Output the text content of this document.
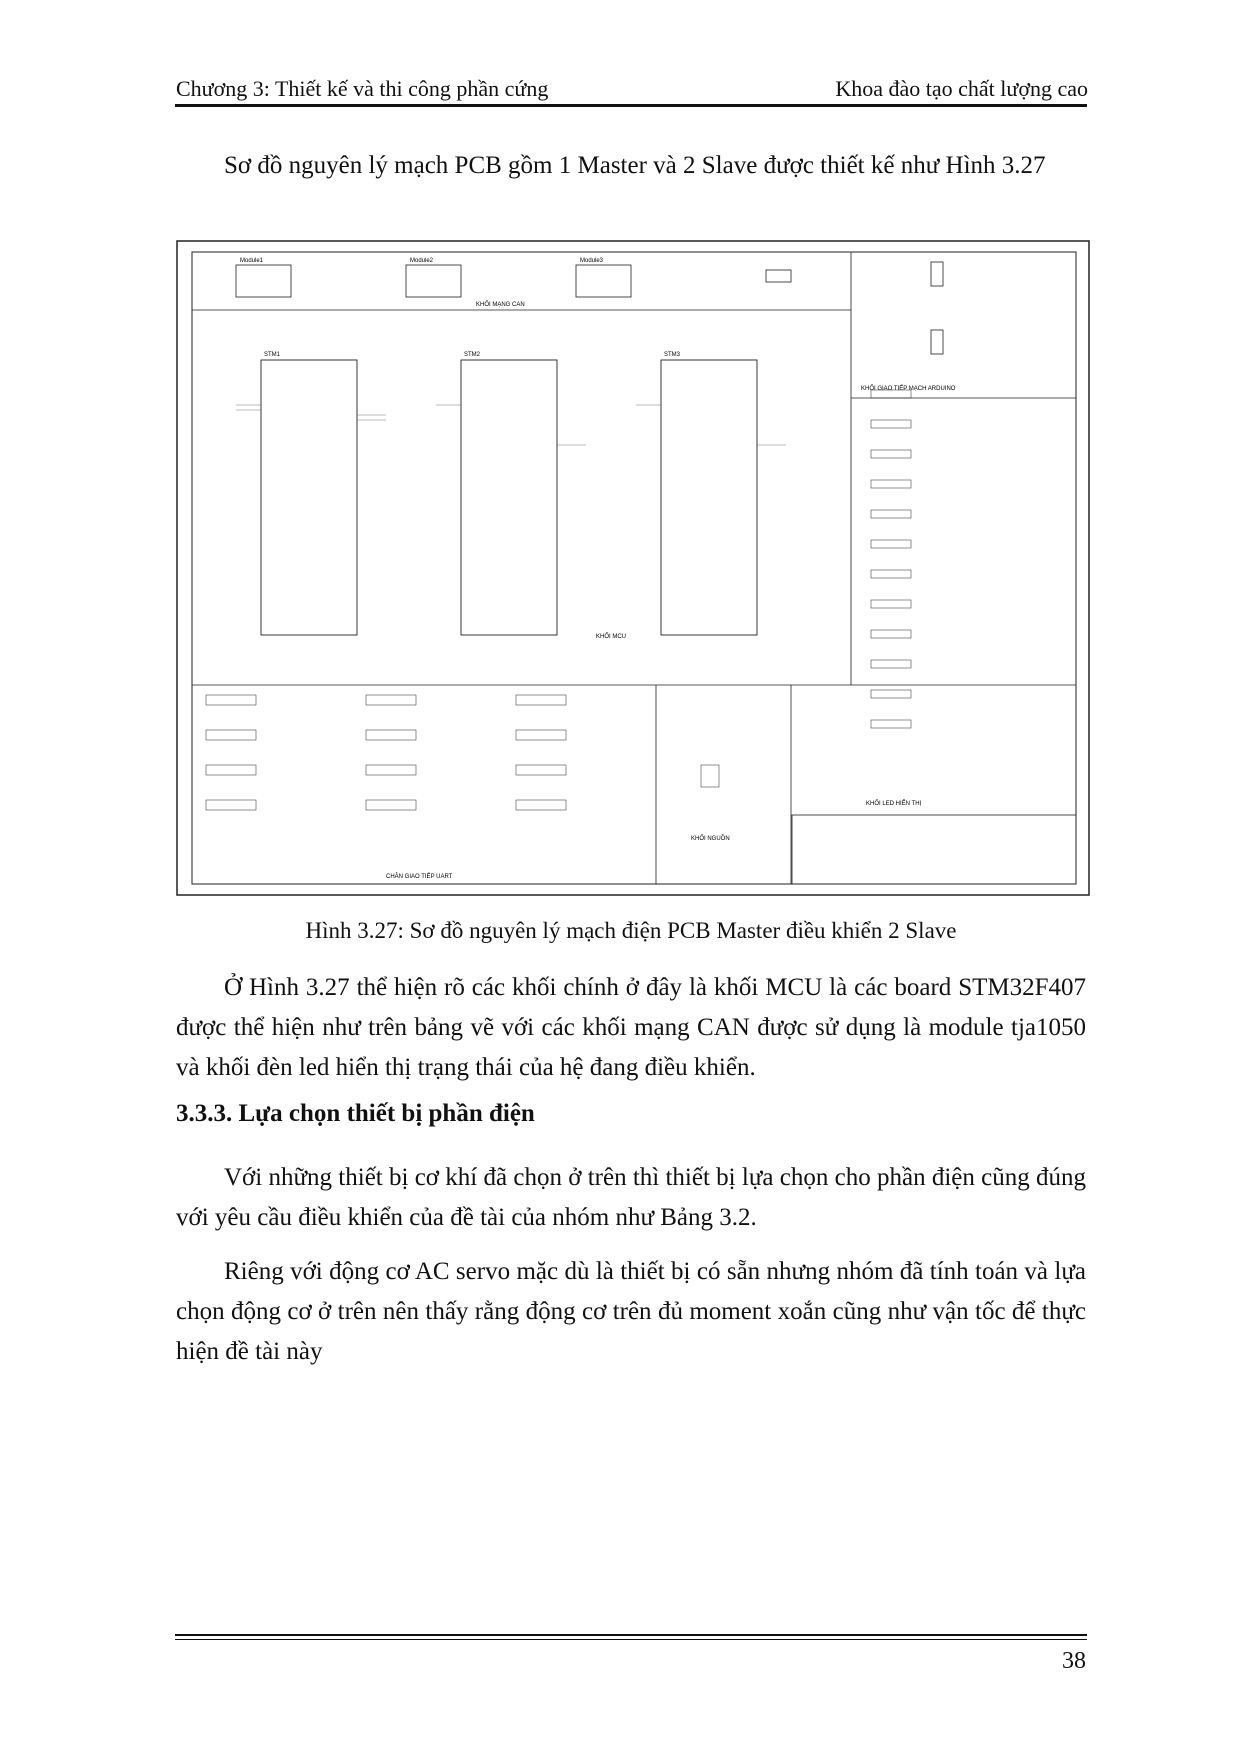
Chương 3: Thiết kế và thi công phần cứng	Khoa đào tạo chất lượng cao

Sơ đồ nguyên lý mạch PCB gồm 1 Master và 2 Slave được thiết kế như Hình 3.27

Module1	Module2	Module3
KHỐI MẠNG CAN
KHỐI GIAO TIẾP MẠCH ARDUINO
STM1	STM2	STM3
KHỐI MCU
KHỐI LED HIỂN THỊ
CHÂN GIAO TIẾP UART
KHỐI NGUỒN
Hình 3.27: Sơ đồ nguyên lý mạch điện PCB Master điều khiển 2 Slave

Ở Hình 3.27 thể hiện rõ các khối chính ở đây là khối MCU là các board STM32F407 được thể hiện như trên bảng vẽ với các khối mạng CAN được sử dụng là module tja1050 và khối đèn led hiển thị trạng thái của hệ đang điều khiển.

3.3.3. Lựa chọn thiết bị phần điện

Với những thiết bị cơ khí đã chọn ở trên thì thiết bị lựa chọn cho phần điện cũng đúng với yêu cầu điều khiển của đề tài của nhóm như Bảng 3.2.

Riêng với động cơ AC servo mặc dù là thiết bị có sẵn nhưng nhóm đã tính toán và lựa chọn động cơ ở trên nên thấy rằng động cơ trên đủ moment xoắn cũng như vận tốc để thực hiện đề tài này

38
